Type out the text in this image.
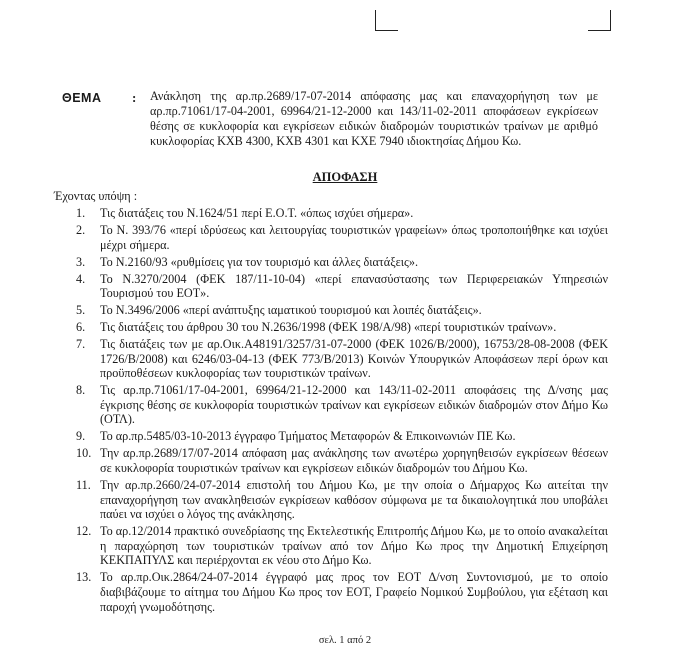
ΘΕΜΑ : Ανάκληση της αρ.πρ.2689/17-07-2014 απόφασης μας και επαναχορήγηση των με αρ.πρ.71061/17-04-2001, 69964/21-12-2000 και 143/11-02-2011 αποφάσεων εγκρίσεων θέσης σε κυκλοφορία και εγκρίσεων ειδικών διαδρομών τουριστικών τραίνων με αριθμό κυκλοφορίας ΚΧΒ 4300, ΚΧΒ 4301 και ΚΧΕ 7940 ιδιοκτησίας Δήμου Κω.
ΑΠΟΦΑΣΗ
Έχοντας υπόψη :
1.	Τις διατάξεις του Ν.1624/51 περί Ε.Ο.Τ. «όπως ισχύει σήμερα».
2.	Το Ν. 393/76 «περί ιδρύσεως και λειτουργίας τουριστικών γραφείων» όπως τροποποιήθηκε και ισχύει μέχρι σήμερα.
3.	Το Ν.2160/93 «ρυθμίσεις για τον τουρισμό και άλλες διατάξεις».
4.	Το Ν.3270/2004 (ΦΕΚ 187/11-10-04) «περί επανασύστασης των Περιφερειακών Υπηρεσιών Τουρισμού του ΕΟΤ».
5.	Το Ν.3496/2006 «περί ανάπτυξης ιαματικού τουρισμού και λοιπές διατάξεις».
6.	Τις διατάξεις του άρθρου 30 του Ν.2636/1998 (ΦΕΚ 198/Α/98) «περί τουριστικών τραίνων».
7.	Τις διατάξεις των με αρ.Οικ.Α48191/3257/31-07-2000 (ΦΕΚ 1026/Β/2000), 16753/28-08-2008 (ΦΕΚ 1726/Β/2008) και 6246/03-04-13 (ΦΕΚ 773/Β/2013) Κοινών Υπουργικών Αποφάσεων περί όρων και προϋποθέσεων κυκλοφορίας των τουριστικών τραίνων.
8.	Τις αρ.πρ.71061/17-04-2001, 69964/21-12-2000 και 143/11-02-2011 αποφάσεις της Δ/νσης μας έγκρισης θέσης σε κυκλοφορία τουριστικών τραίνων και εγκρίσεων ειδικών διαδρομών στον Δήμο Κω (ΟΤΛ).
9.	Το αρ.πρ.5485/03-10-2013 έγγραφο Τμήματος Μεταφορών & Επικοινωνιών ΠΕ Κω.
10. Την αρ.πρ.2689/17/07-2014 απόφαση μας ανάκλησης των ανωτέρω χορηγηθεισών εγκρίσεων θέσεων σε κυκλοφορία τουριστικών τραίνων και εγκρίσεων ειδικών διαδρομών του Δήμου Κω.
11. Την αρ.πρ.2660/24-07-2014 επιστολή του Δήμου Κω, με την οποία ο Δήμαρχος Κω αιτείται την επαναχορήγηση των ανακληθεισών εγκρίσεων καθόσον σύμφωνα με τα δικαιολογητικά που υποβάλει παύει να ισχύει ο λόγος της ανάκλησης.
12. Το αρ.12/2014 πρακτικό συνεδρίασης της Εκτελεστικής Επιτροπής Δήμου Κω, με το οποίο ανακαλείται η παραχώρηση των τουριστικών τραίνων από τον Δήμο Κω προς την Δημοτική Επιχείρηση ΚΕΚΠΑΠΥΛΣ και περιέρχονται εκ νέου στο Δήμο Κω.
13. Το αρ.πρ.Οικ.2864/24-07-2014 έγγραφό μας προς τον ΕΟΤ Δ/νση Συντονισμού, με το οποίο διαβιβάζουμε το αίτημα του Δήμου Κω προς τον ΕΟΤ, Γραφείο Νομικού Συμβούλου, για εξέταση και παροχή γνωμοδότησης.
σελ. 1 από 2
